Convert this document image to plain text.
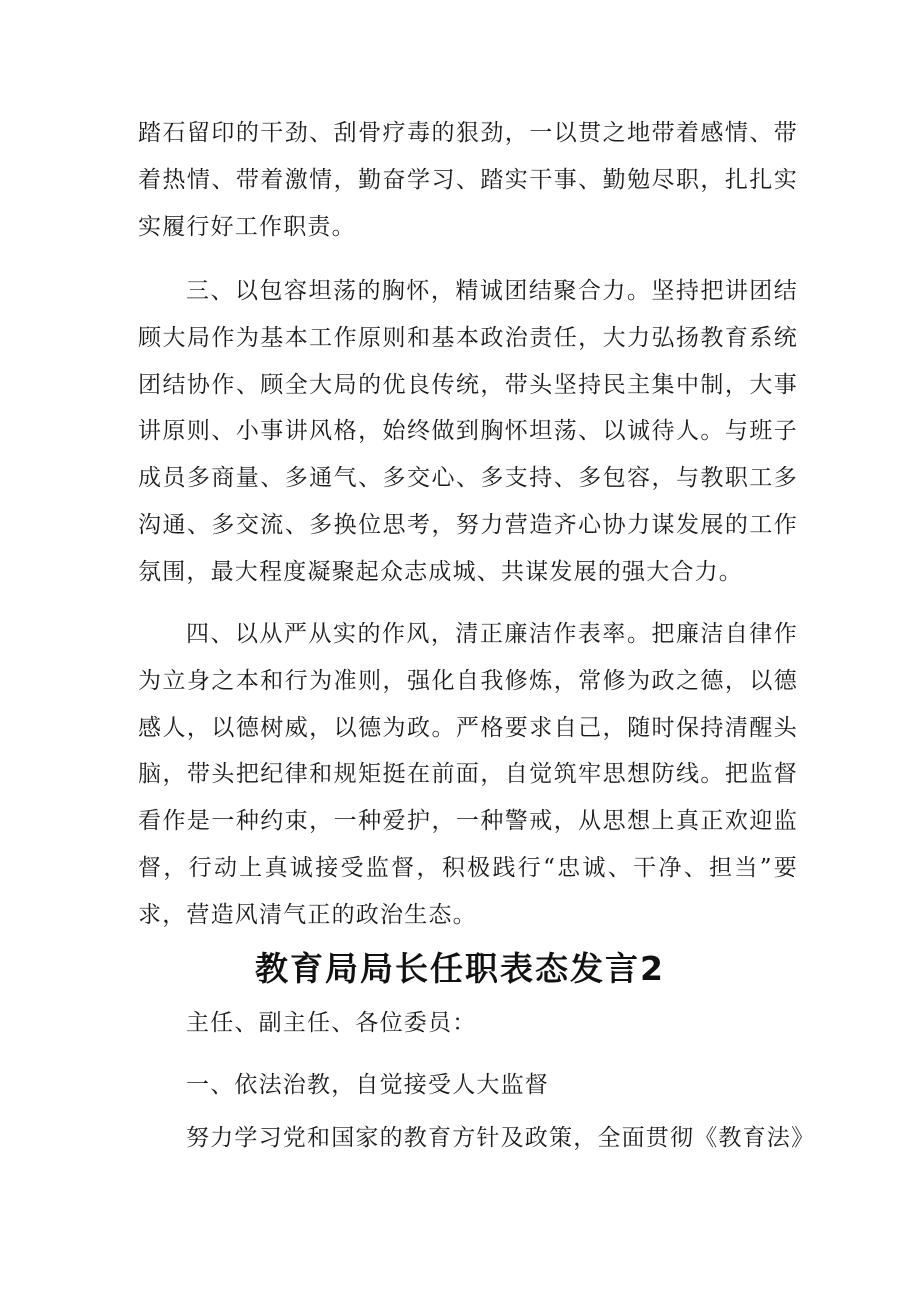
踏石留印的干劲、刮骨疗毒的狠劲，一以贯之地带着感情、带着热情、带着激情，勤奋学习、踏实干事、勤勉尽职，扎扎实实履行好工作职责。

三、以包容坦荡的胸怀，精诚团结聚合力。坚持把讲团结顾大局作为基本工作原则和基本政治责任，大力弘扬教育系统团结协作、顾全大局的优良传统，带头坚持民主集中制，大事讲原则、小事讲风格，始终做到胸怀坦荡、以诚待人。与班子成员多商量、多通气、多交心、多支持、多包容，与教职工多沟通、多交流、多换位思考，努力营造齐心协力谋发展的工作氛围，最大程度凝聚起众志成城、共谋发展的强大合力。

四、以从严从实的作风，清正廉洁作表率。把廉洁自律作为立身之本和行为准则，强化自我修炼，常修为政之德，以德感人，以德树威，以德为政。严格要求自己，随时保持清醒头脑，带头把纪律和规矩挺在前面，自觉筑牢思想防线。把监督看作是一种约束，一种爱护，一种警戒，从思想上真正欢迎监督，行动上真诚接受监督，积极践行“忠诚、干净、担当”要求，营造风清气正的政治生态。

教育局局长任职表态发言2

主任、副主任、各位委员：

一、依法治教，自觉接受人大监督

努力学习党和国家的教育方针及政策，全面贯彻《教育法》
